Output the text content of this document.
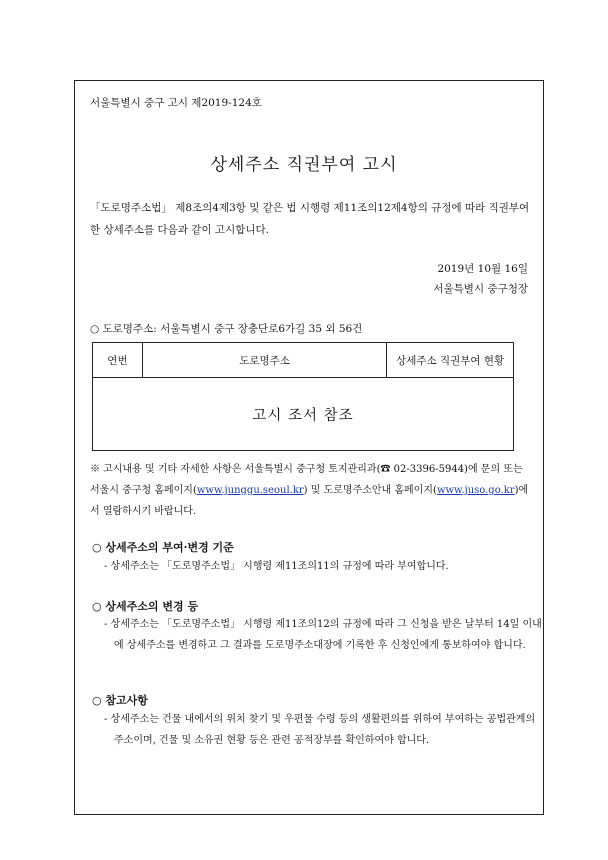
서울특별시 중구 고시 제2019-124호
상세주소 직권부여 고시
「도로명주소법」 제8조의4제3항 및 같은 법 시행령 제11조의12제4항의 규정에 따라 직권부여한 상세주소를 다음과 같이 고시합니다.
2019년 10월 16일
서울특별시 중구청장
○ 도로명주소: 서울특별시 중구 장충단로6가길 35 외 56건
연번	도로명주소	상세주소 직권부여 현황
고시 조서 참조
※ 고시내용 및 기타 자세한 사항은 서울특별시 중구청 토지관리과(☎ 02-3396-5944)에 문의 또는 서울시 중구청 홈페이지(www.junggu.seoul.kr) 및 도로명주소안내 홈페이지(www.juso.go.kr)에서 열람하시기 바랍니다.
○ 상세주소의 부여·변경 기준
- 상세주소는 「도로명주소법」 시행령 제11조의11의 규정에 따라 부여합니다.
○ 상세주소의 변경 등
- 상세주소는 「도로명주소법」 시행령 제11조의12의 규정에 따라 그 신청을 받은 날부터 14일 이내에 상세주소를 변경하고 그 결과를 도로명주소대장에 기록한 후 신청인에게 통보하여야 합니다.
○ 참고사항
- 상세주소는 건물 내에서의 위치 찾기 및 우편물 수령 등의 생활편의를 위하여 부여하는 공법관계의 주소이며, 건물 및 소유권 현황 등은 관련 공적장부를 확인하여야 합니다.
